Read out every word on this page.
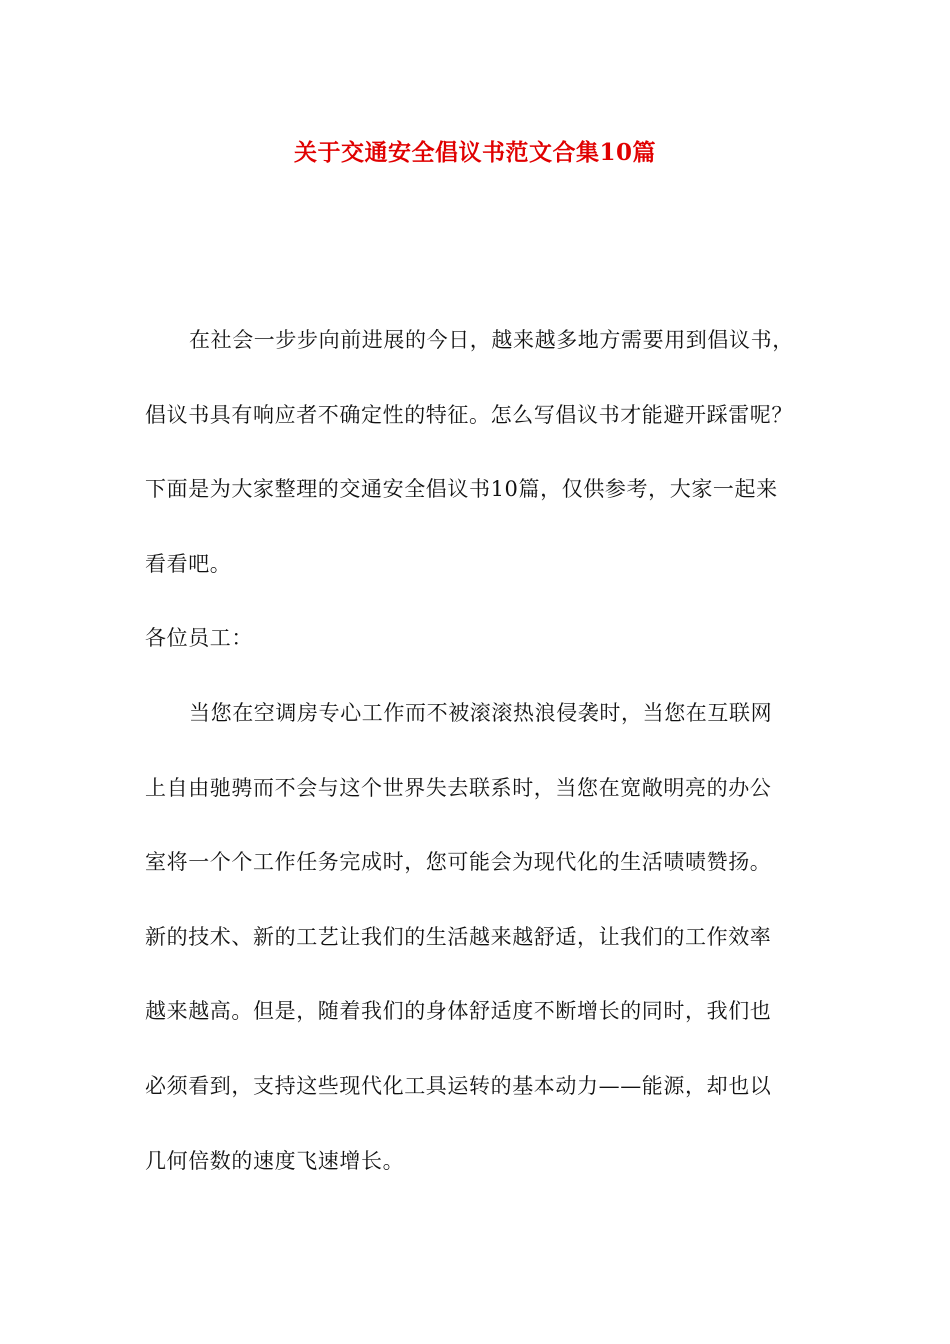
关于交通安全倡议书范文合集10篇
在社会一步步向前进展的今日，越来越多地方需要用到倡议书，
倡议书具有响应者不确定性的特征。怎么写倡议书才能避开踩雷呢？
下面是为大家整理的交通安全倡议书10篇，仅供参考，大家一起来
看看吧。
各位员工：
当您在空调房专心工作而不被滚滚热浪侵袭时，当您在互联网
上自由驰骋而不会与这个世界失去联系时，当您在宽敞明亮的办公
室将一个个工作任务完成时，您可能会为现代化的生活啧啧赞扬。
新的技术、新的工艺让我们的生活越来越舒适，让我们的工作效率
越来越高。但是，随着我们的身体舒适度不断增长的同时，我们也
必须看到，支持这些现代化工具运转的基本动力——能源，却也以
几何倍数的速度飞速增长。
